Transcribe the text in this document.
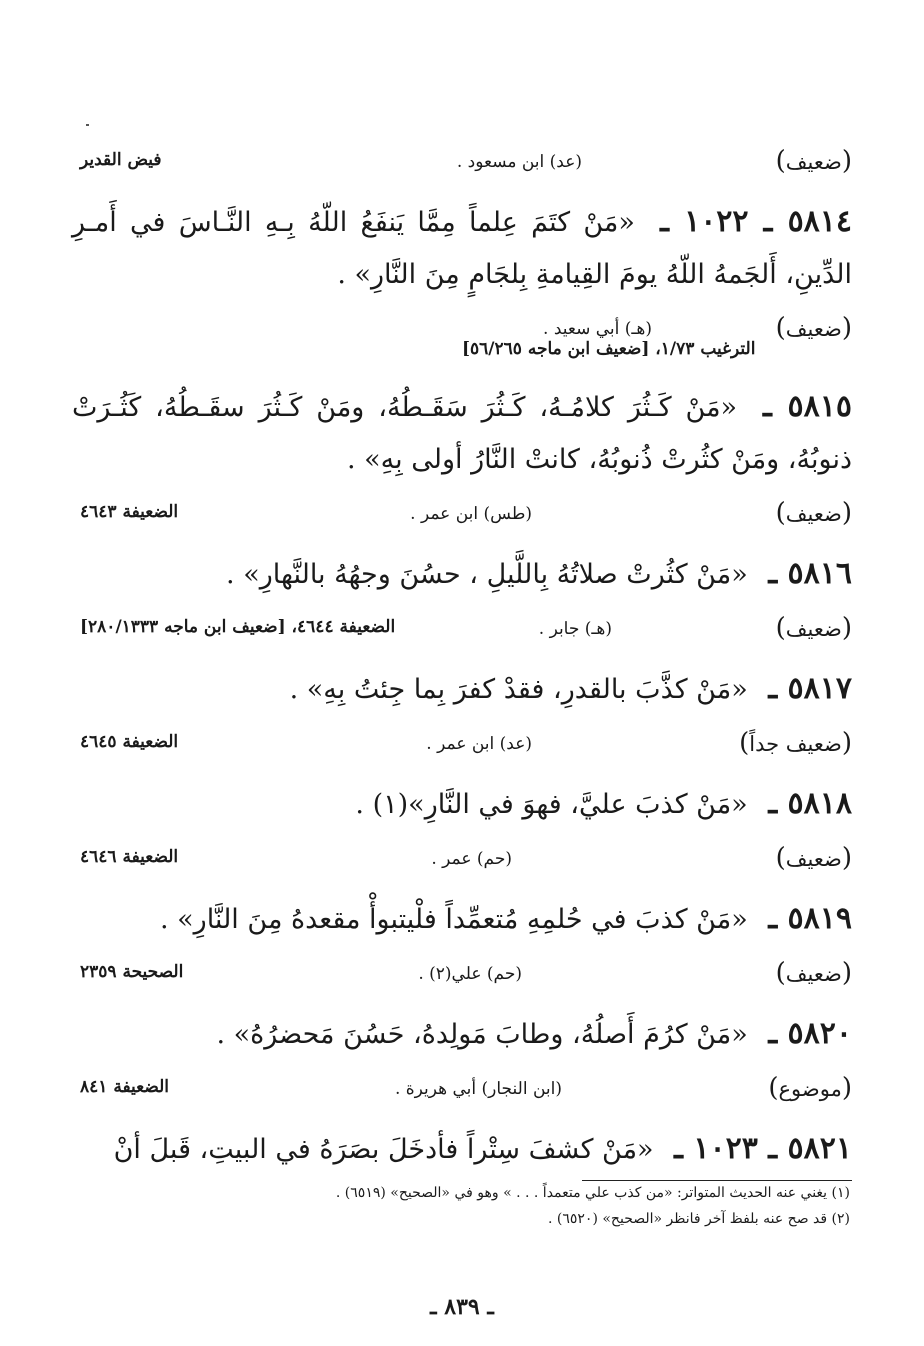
(ضعيف)
(عد) ابن مسعود .
فيض القدير
٥٨١٤ ـ ١٠٢٢ ـ «مَنْ كتَمَ عِلماً مِمَّا يَنفَعُ اللّهُ بِـهِ النَّـاسَ في أَمـرِ الدِّينِ، أَلجَمهُ اللّهُ يومَ القِيامةِ بِلجَامٍ مِنَ النَّارِ» .
(ضعيف)
(هـ) أبي سعيد .
الترغيب ١/٧٣، [ضعيف ابن ماجه ٥٦/٢٦٥]
٥٨١٥ ـ «مَنْ كَـثُرَ كلامُـهُ، كَـثُرَ سَقَـطُهُ، ومَنْ كَـثُرَ سقَـطُهُ، كَثُـرَتْ ذنوبُهُ، ومَنْ كثُرتْ ذُنوبُهُ، كانتْ النَّارُ أولى بِهِ» .
(ضعيف)
(طس) ابن عمر .
الضعيفة ٤٦٤٣
٥٨١٦ ـ «مَنْ كثُرتْ صلاتُهُ بِاللَّيلِ ، حسُنَ وجهُهُ بالنَّهارِ» .
(ضعيف)
(هـ) جابر .
الضعيفة ٤٦٤٤، [ضعيف ابن ماجه ٢٨٠/١٣٣٣]
٥٨١٧ ـ «مَنْ كذَّبَ بالقدرِ، فقدْ كفرَ بِما جِئتُ بِهِ» .
(ضعيف جداً)
(عد) ابن عمر .
الضعيفة ٤٦٤٥
٥٨١٨ ـ «مَنْ كذبَ عليَّ، فهوَ في النَّارِ»(١) .
(ضعيف)
(حم) عمر .
الضعيفة ٤٦٤٦
٥٨١٩ ـ «مَنْ كذبَ في حُلمِهِ مُتعمِّداً فلْيتبوأْ مقعدهُ مِنَ النَّارِ» .
(ضعيف)
(حم) علي(٢) .
الصحيحة ٢٣٥٩
٥٨٢٠ ـ «مَنْ كرُمَ أَصلُهُ، وطابَ مَولِدهُ، حَسُنَ مَحضرُهُ» .
(موضوع)
(ابن النجار) أبي هريرة .
الضعيفة ٨٤١
٥٨٢١ ـ ١٠٢٣ ـ «مَنْ كشفَ سِتْراً فأدخَلَ بصَرَهُ في البيتِ، قَبلَ أنْ
(١) يغني عنه الحديث المتواتر: «من كذب علي متعمداً . . . » وهو في «الصحيح» (٦٥١٩) .
(٢) قد صح عنه بلفظ آخر فانظر «الصحيح» (٦٥٢٠) .
ـ ٨٣٩ ـ
